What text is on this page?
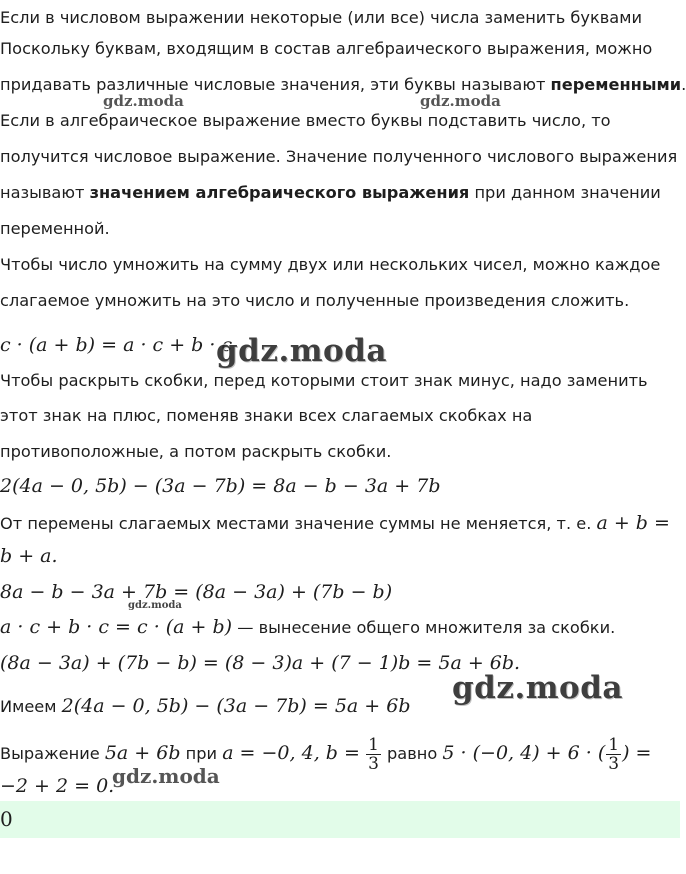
Если в числовом выражении некоторые (или все) числа заменить буквами
Поскольку буквам, входящим в состав алгебраического выражения, можно
придавать различные числовые значения, эти буквы называют переменными.
Если в алгебраическое выражение вместо буквы подставить число, то
получится числовое выражение. Значение полученного числового выражения
называют значением алгебраического выражения при данном значении
переменной.
Чтобы число умножить на сумму двух или нескольких чисел, можно каждое
слагаемое умножить на это число и полученные произведения сложить.
c · (a + b) = a · c + b · c
Чтобы раскрыть скобки, перед которыми стоит знак минус, надо заменить
этот знак на плюс, поменяв знаки всех слагаемых скобках на
противоположные, а потом раскрыть скобки.
2(4a − 0, 5b) − (3a − 7b) = 8a − b − 3a + 7b
От перемены слагаемых местами значение суммы не меняется, т. е. a + b =
b + a.
8a − b − 3a + 7b = (8a − 3a) + (7b − b)
a · c + b · c = c · (a + b) — вынесение общего множителя за скобки.
(8a − 3a) + (7b − b) = (8 − 3)a + (7 − 1)b = 5a + 6b.
Имеем 2(4a − 0, 5b) − (3a − 7b) = 5a + 6b
Выражение 5a + 6b при a = −0, 4, $b = \frac{1}{3}$ равно 5 · (−0, 4) + 6 · ( $\frac{1}{3}$ ) =
−2 + 2 = 0.
0
gdz.moda	gdz.moda
gdz.moda
gdz.moda
gdz.moda
gdz.moda
